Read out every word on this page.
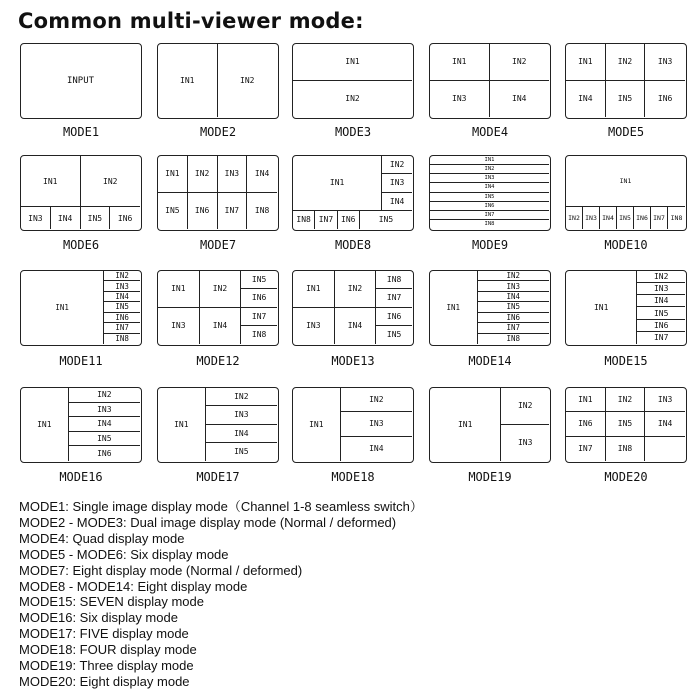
Common multi-viewer mode:
INPUT
MODE1
IN1	IN2
MODE2
IN1
IN2
MODE3
IN1	IN2
IN3	IN4
MODE4
IN1	IN2	IN3
IN4	IN5	IN6
MODE5
IN1	IN2
IN3	IN4	IN5	IN6
MODE6
IN1	IN2	IN3	IN4
IN5	IN6	IN7	IN8
MODE7
IN1
IN2
IN3
IN4
IN8 IN7 IN6	IN5
MODE8
IN1
IN2
IN3
IN4
IN5
IN6
IN7
IN8
MODE9
IN1
IN2 IN3 IN4 IN5 IN6 IN7 IN8
MODE10
IN1
IN2
IN3
IN4
IN5
IN6
IN7
IN8
MODE11
IN1	IN2
IN3	IN4
IN5
IN6
IN7
IN8
MODE12
IN1	IN2
IN3	IN4
IN8
IN7
IN6
IN5
MODE13
IN1
IN2
IN3
IN4
IN5
IN6
IN7
IN8
MODE14
IN1
IN2
IN3
IN4
IN5
IN6
IN7
MODE15
IN1
IN2
IN3
IN4
IN5
IN6
MODE16
IN1
IN2
IN3
IN4
IN5
MODE17
IN1
IN2
IN3
IN4
MODE18
IN1
IN2
IN3
MODE19
IN1	IN2	IN3
IN6	IN5	IN4
IN7	IN8
MODE20
MODE1: Single image display mode（Channel 1-8 seamless switch）
MODE2 - MODE3: Dual image display mode (Normal / deformed)
MODE4: Quad display mode
MODE5 - MODE6: Six display mode
MODE7: Eight display mode (Normal / deformed)
MODE8 - MODE14: Eight display mode
MODE15: SEVEN display mode
MODE16: Six display mode
MODE17: FIVE display mode
MODE18: FOUR display mode
MODE19: Three display mode
MODE20: Eight display mode
